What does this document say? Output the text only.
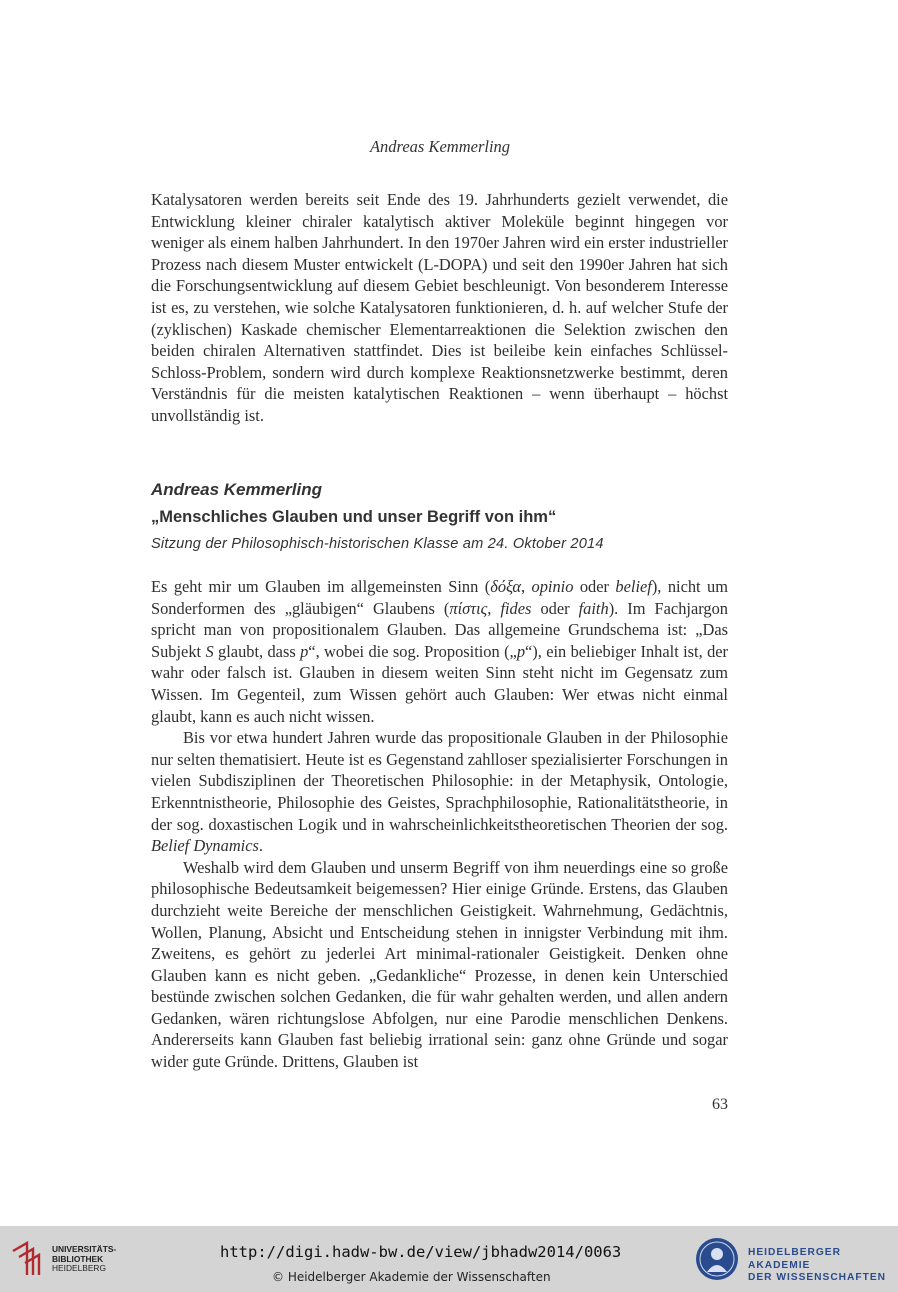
Andreas Kemmerling

Katalysatoren werden bereits seit Ende des 19. Jahrhunderts gezielt verwendet, die Entwicklung kleiner chiraler katalytisch aktiver Moleküle beginnt hingegen vor weniger als einem halben Jahrhundert. In den 1970er Jahren wird ein erster industrieller Prozess nach diesem Muster entwickelt (L-DOPA) und seit den 1990er Jahren hat sich die Forschungsentwicklung auf diesem Gebiet beschleunigt. Von besonderem Interesse ist es, zu verstehen, wie solche Katalysatoren funktionieren, d. h. auf welcher Stufe der (zyklischen) Kaskade chemischer Elementarreaktionen die Selektion zwischen den beiden chiralen Alternativen stattfindet. Dies ist beileibe kein einfaches Schlüssel-Schloss-Problem, sondern wird durch komplexe Reaktionsnetzwerke bestimmt, deren Verständnis für die meisten katalytischen Reaktionen – wenn überhaupt – höchst unvollständig ist.

Andreas Kemmerling
„Menschliches Glauben und unser Begriff von ihm“
Sitzung der Philosophisch-historischen Klasse am 24. Oktober 2014

Es geht mir um Glauben im allgemeinsten Sinn (δόξα, opinio oder belief), nicht um Sonderformen des „gläubigen“ Glaubens (πίστις, fides oder faith). Im Fachjargon spricht man von propositionalem Glauben. Das allgemeine Grundschema ist: „Das Subjekt S glaubt, dass p“, wobei die sog. Proposition („p“), ein beliebiger Inhalt ist, der wahr oder falsch ist. Glauben in diesem weiten Sinn steht nicht im Gegensatz zum Wissen. Im Gegenteil, zum Wissen gehört auch Glauben: Wer etwas nicht einmal glaubt, kann es auch nicht wissen.

Bis vor etwa hundert Jahren wurde das propositionale Glauben in der Philosophie nur selten thematisiert. Heute ist es Gegenstand zahlloser spezialisierter Forschungen in vielen Subdisziplinen der Theoretischen Philosophie: in der Metaphysik, Ontologie, Erkenntnistheorie, Philosophie des Geistes, Sprachphilosophie, Rationalitätstheorie, in der sog. doxastischen Logik und in wahrscheinlichkeitstheoretischen Theorien der sog. Belief Dynamics.

Weshalb wird dem Glauben und unserm Begriff von ihm neuerdings eine so große philosophische Bedeutsamkeit beigemessen? Hier einige Gründe. Erstens, das Glauben durchzieht weite Bereiche der menschlichen Geistigkeit. Wahrnehmung, Gedächtnis, Wollen, Planung, Absicht und Entscheidung stehen in innigster Verbindung mit ihm. Zweitens, es gehört zu jederlei Art minimal-rationaler Geistigkeit. Denken ohne Glauben kann es nicht geben. „Gedankliche“ Prozesse, in denen kein Unterschied bestünde zwischen solchen Gedanken, die für wahr gehalten werden, und allen andern Gedanken, wären richtungslose Abfolgen, nur eine Parodie menschlichen Denkens. Andererseits kann Glauben fast beliebig irrational sein: ganz ohne Gründe und sogar wider gute Gründe. Drittens, Glauben ist

63
UNIVERSITÄTS-
BIBLIOTHEK
HEIDELBERG
http://digi.hadw-bw.de/view/jbhadw2014/0063
© Heidelberger Akademie der Wissenschaften
HEIDELBERGER AKADEMIE
DER WISSENSCHAFTEN
